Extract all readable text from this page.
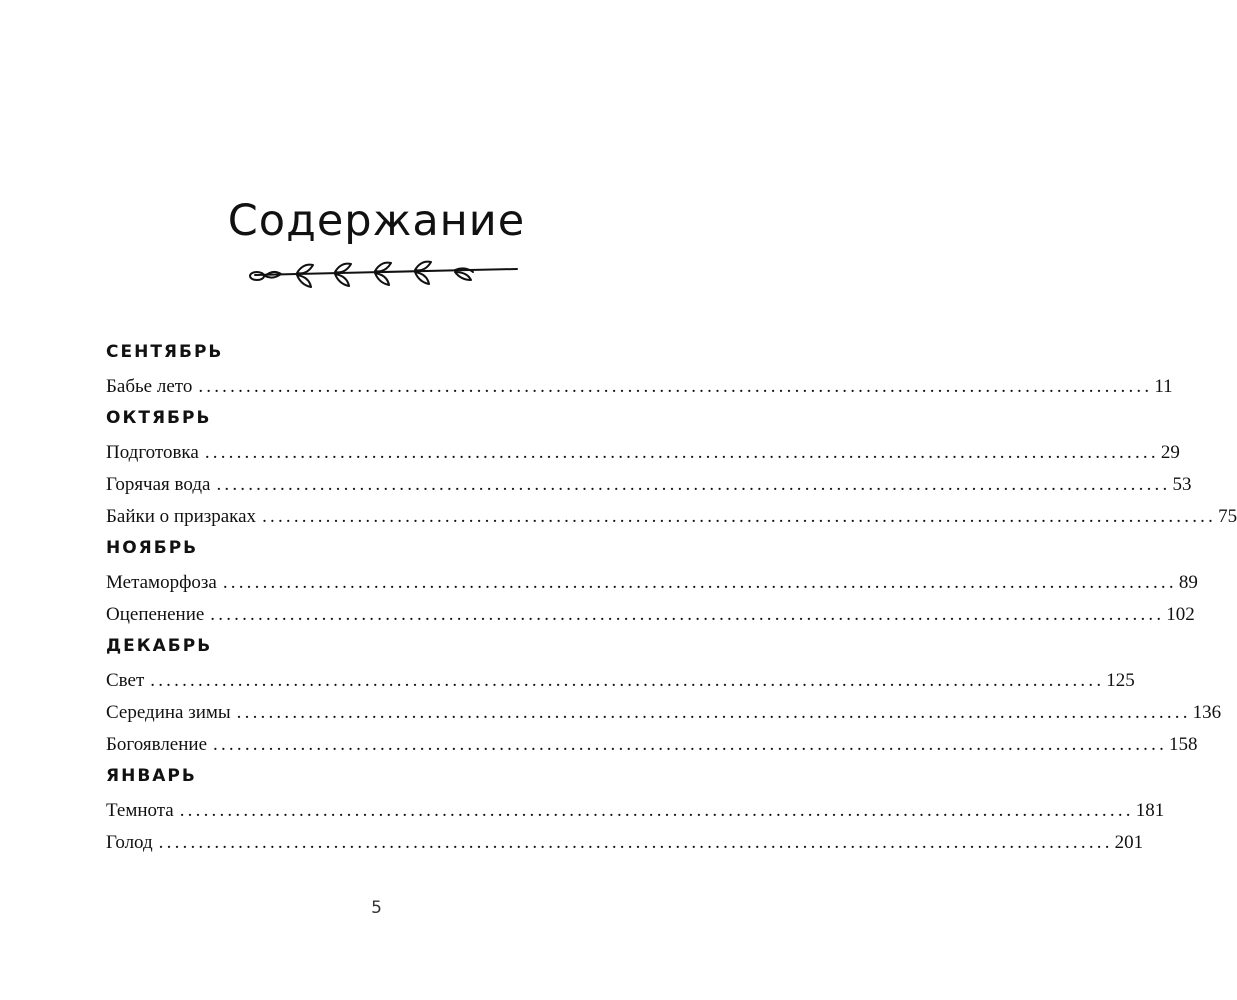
Содержание
СЕНТЯБРЬ
Бабье лето ........................................................................................................................ 11
ОКТЯБРЬ
Подготовка ........................................................................................................................ 29
Горячая вода ........................................................................................................................ 53
Байки о призраках ........................................................................................................................ 75
НОЯБРЬ
Метаморфоза ........................................................................................................................ 89
Оцепенение ........................................................................................................................ 102
ДЕКАБРЬ
Свет ........................................................................................................................ 125
Середина зимы ........................................................................................................................ 136
Богоявление ........................................................................................................................ 158
ЯНВАРЬ
Темнота ........................................................................................................................ 181
Голод ........................................................................................................................ 201
5
